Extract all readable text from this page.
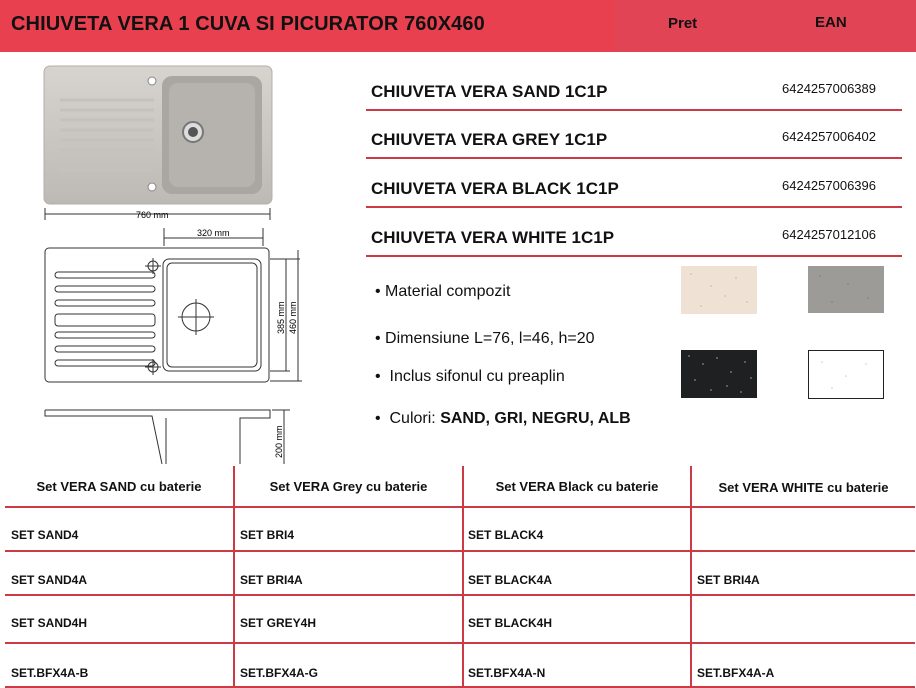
CHIUVETA VERA 1 CUVA SI PICURATOR 760X460	Pret	EAN
760 mm
320 mm
385 mm 460 mm
200 mm
CHIUVETA VERA SAND 1C1P	6424257006389
CHIUVETA VERA GREY 1C1P	6424257006402
CHIUVETA VERA BLACK 1C1P	6424257006396
CHIUVETA VERA WHITE 1C1P	6424257012106
• Material compozit
• Dimensiune L=76, l=46, h=20
•  Inclus sifonul cu preaplin
•  Culori: SAND, GRI, NEGRU, ALB
Set VERA SAND cu baterie	Set VERA Grey cu baterie	Set VERA Black cu baterie	Set VERA WHITE cu baterie
SET SAND4	SET BRI4	SET BLACK4
SET SAND4A	SET BRI4A	SET BLACK4A	SET BRI4A
SET SAND4H	SET GREY4H	SET BLACK4H
SET.BFX4A-B	SET.BFX4A-G	SET.BFX4A-N	SET.BFX4A-A
